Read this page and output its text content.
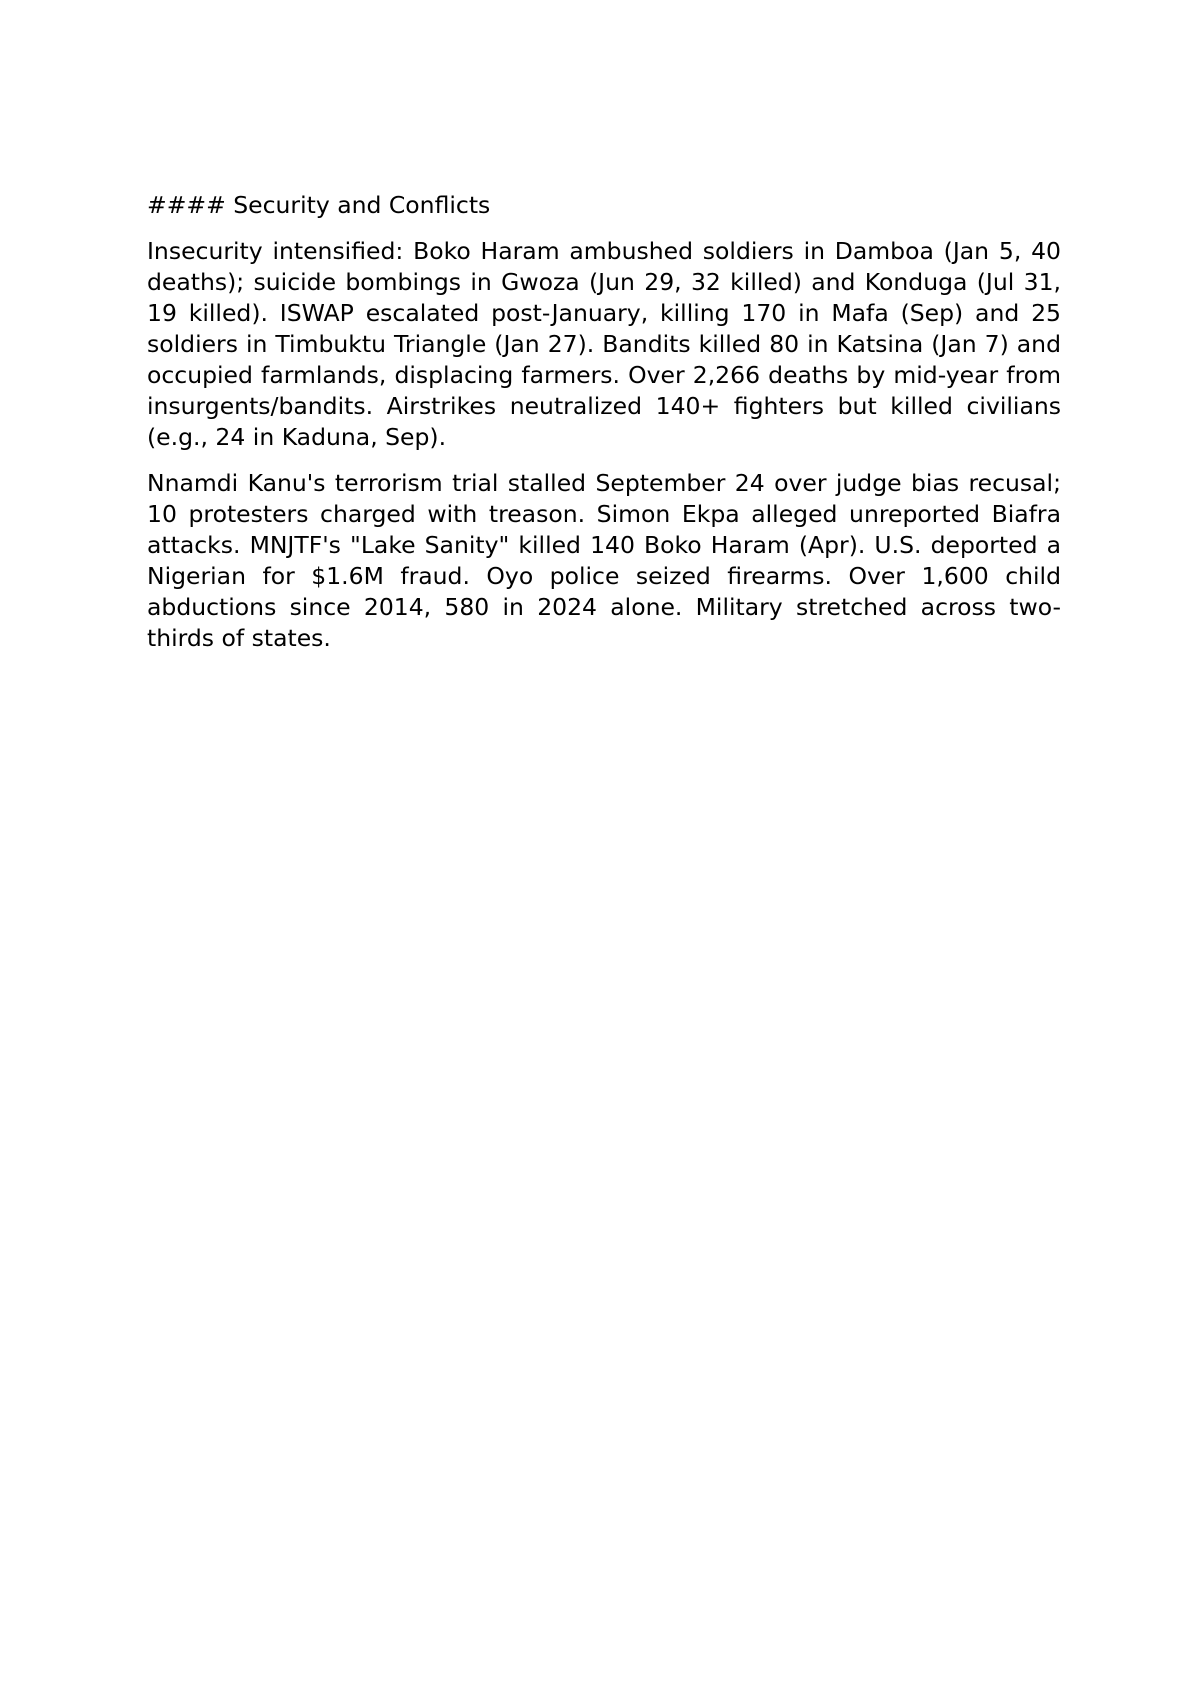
#### Security and Conflicts

Insecurity intensified: Boko Haram ambushed soldiers in Damboa (Jan 5, 40 deaths); suicide bombings in Gwoza (Jun 29, 32 killed) and Konduga (Jul 31, 19 killed). ISWAP escalated post-January, killing 170 in Mafa (Sep) and 25 soldiers in Timbuktu Triangle (Jan 27). Bandits killed 80 in Katsina (Jan 7) and occupied farmlands, displacing farmers. Over 2,266 deaths by mid-year from insurgents/bandits. Airstrikes neutralized 140+ fighters but killed civilians (e.g., 24 in Kaduna, Sep).

Nnamdi Kanu's terrorism trial stalled September 24 over judge bias recusal; 10 protesters charged with treason. Simon Ekpa alleged unreported Biafra attacks. MNJTF's "Lake Sanity" killed 140 Boko Haram (Apr). U.S. deported a Nigerian for $1.6M fraud. Oyo police seized firearms. Over 1,600 child abductions since 2014, 580 in 2024 alone. Military stretched across two-thirds of states.
